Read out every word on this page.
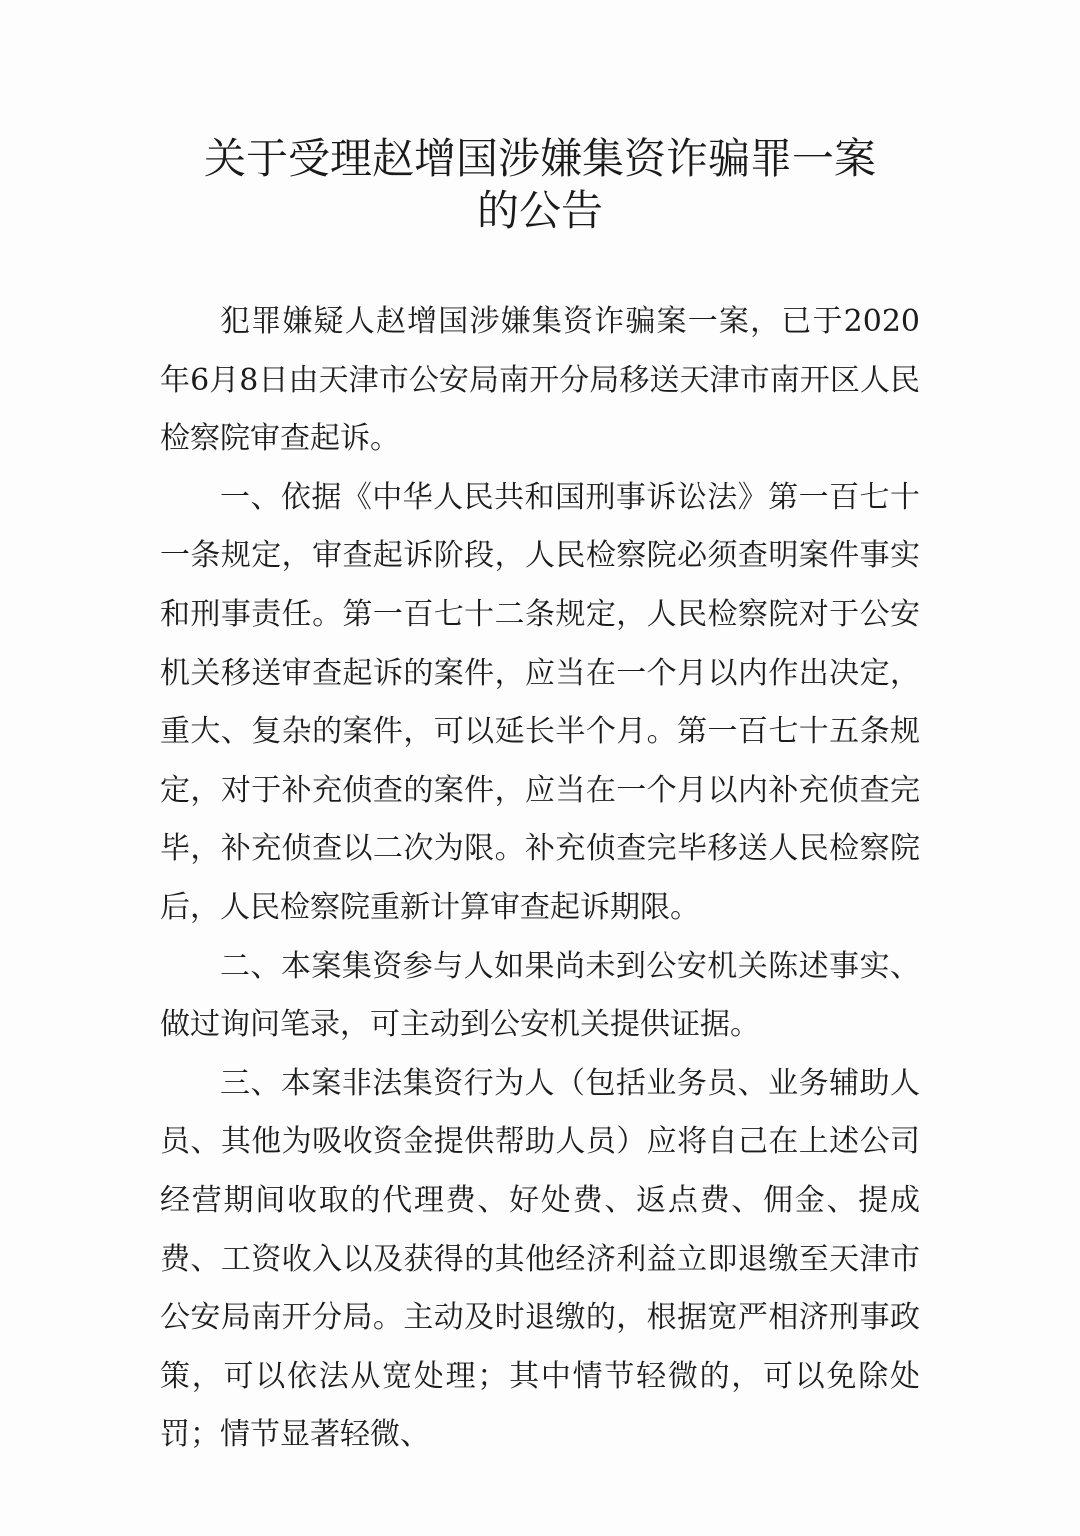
关于受理赵增国涉嫌集资诈骗罪一案
的公告

犯罪嫌疑人赵增国涉嫌集资诈骗案一案，已于2020年6月8日由天津市公安局南开分局移送天津市南开区人民检察院审查起诉。

一、依据《中华人民共和国刑事诉讼法》第一百七十一条规定，审查起诉阶段，人民检察院必须查明案件事实和刑事责任。第一百七十二条规定，人民检察院对于公安机关移送审查起诉的案件，应当在一个月以内作出决定，重大、复杂的案件，可以延长半个月。第一百七十五条规定，对于补充侦查的案件，应当在一个月以内补充侦查完毕，补充侦查以二次为限。补充侦查完毕移送人民检察院后，人民检察院重新计算审查起诉期限。

二、本案集资参与人如果尚未到公安机关陈述事实、做过询问笔录，可主动到公安机关提供证据。

三、本案非法集资行为人（包括业务员、业务辅助人员、其他为吸收资金提供帮助人员）应将自己在上述公司经营期间收取的代理费、好处费、返点费、佣金、提成费、工资收入以及获得的其他经济利益立即退缴至天津市公安局南开分局。主动及时退缴的，根据宽严相济刑事政策，可以依法从宽处理；其中情节轻微的，可以免除处罚；情节显著轻微、
